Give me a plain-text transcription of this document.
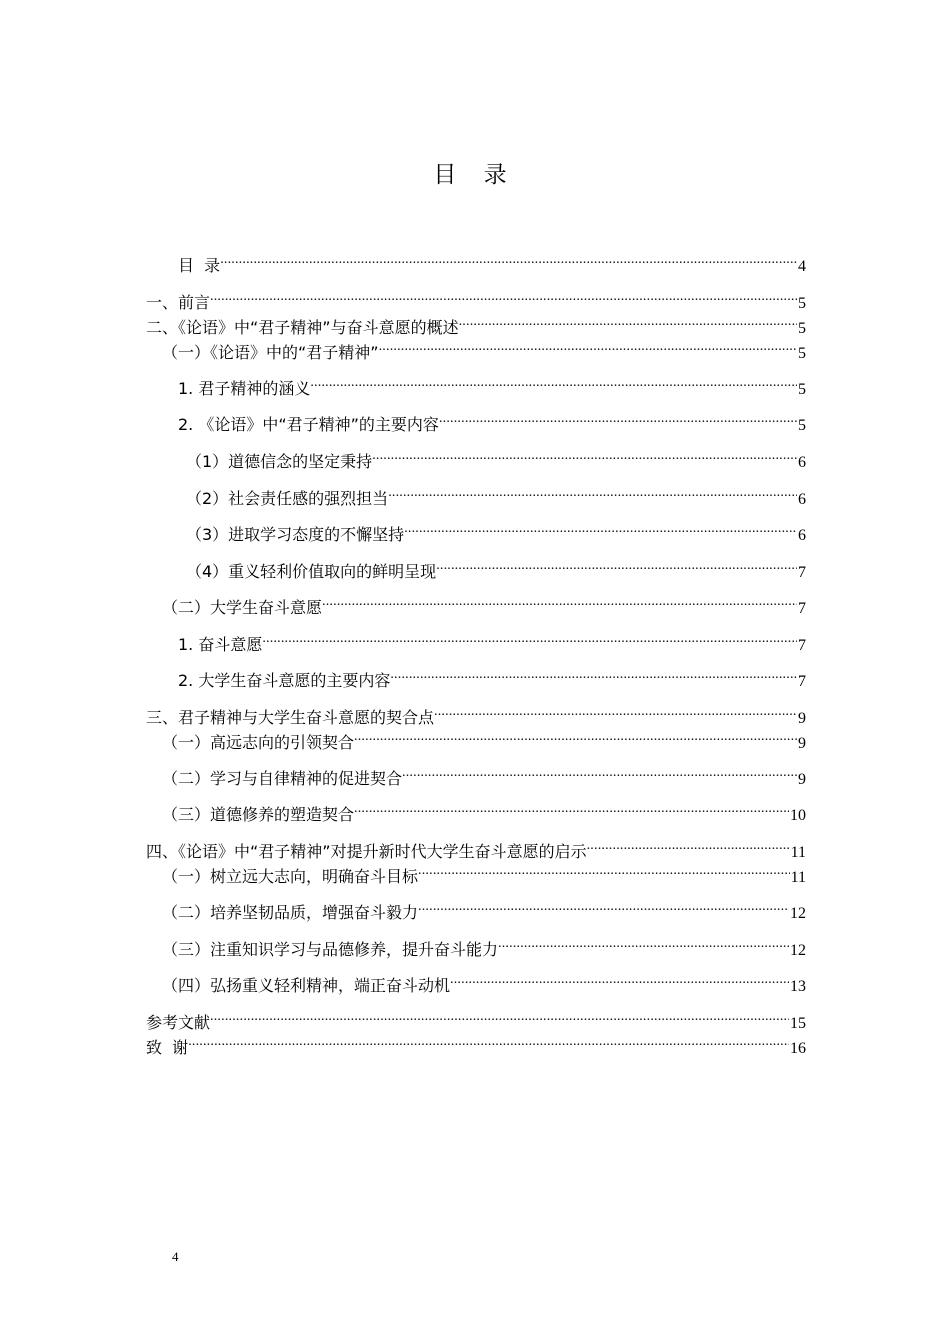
目 录
目  录 .....	4
一、前言 .....	5
二、《论语》中“君子精神”与奋斗意愿的概述 .....	5
（一）《论语》中的“君子精神” .....	5
1. 君子精神的涵义 .....	5
2. 《论语》中“君子精神”的主要内容 .....	5
（1）道德信念的坚定秉持 .....	6
（2）社会责任感的强烈担当 .....	6
（3）进取学习态度的不懈坚持 .....	6
（4）重义轻利价值取向的鲜明呈现 .....	7
（二）大学生奋斗意愿 .....	7
1. 奋斗意愿 .....	7
2. 大学生奋斗意愿的主要内容 .....	7
三、君子精神与大学生奋斗意愿的契合点 .....	9
（一）高远志向的引领契合 .....	9
（二）学习与自律精神的促进契合 .....	9
（三）道德修养的塑造契合 .....	10
四、《论语》中“君子精神”对提升新时代大学生奋斗意愿的启示 .....	11
（一）树立远大志向，明确奋斗目标 .....	11
（二）培养坚韧品质，增强奋斗毅力 .....	12
（三）注重知识学习与品德修养，提升奋斗能力 .....	12
（四）弘扬重义轻利精神，端正奋斗动机 .....	13
参考文献 .....	15
致  谢 .....	16
4
